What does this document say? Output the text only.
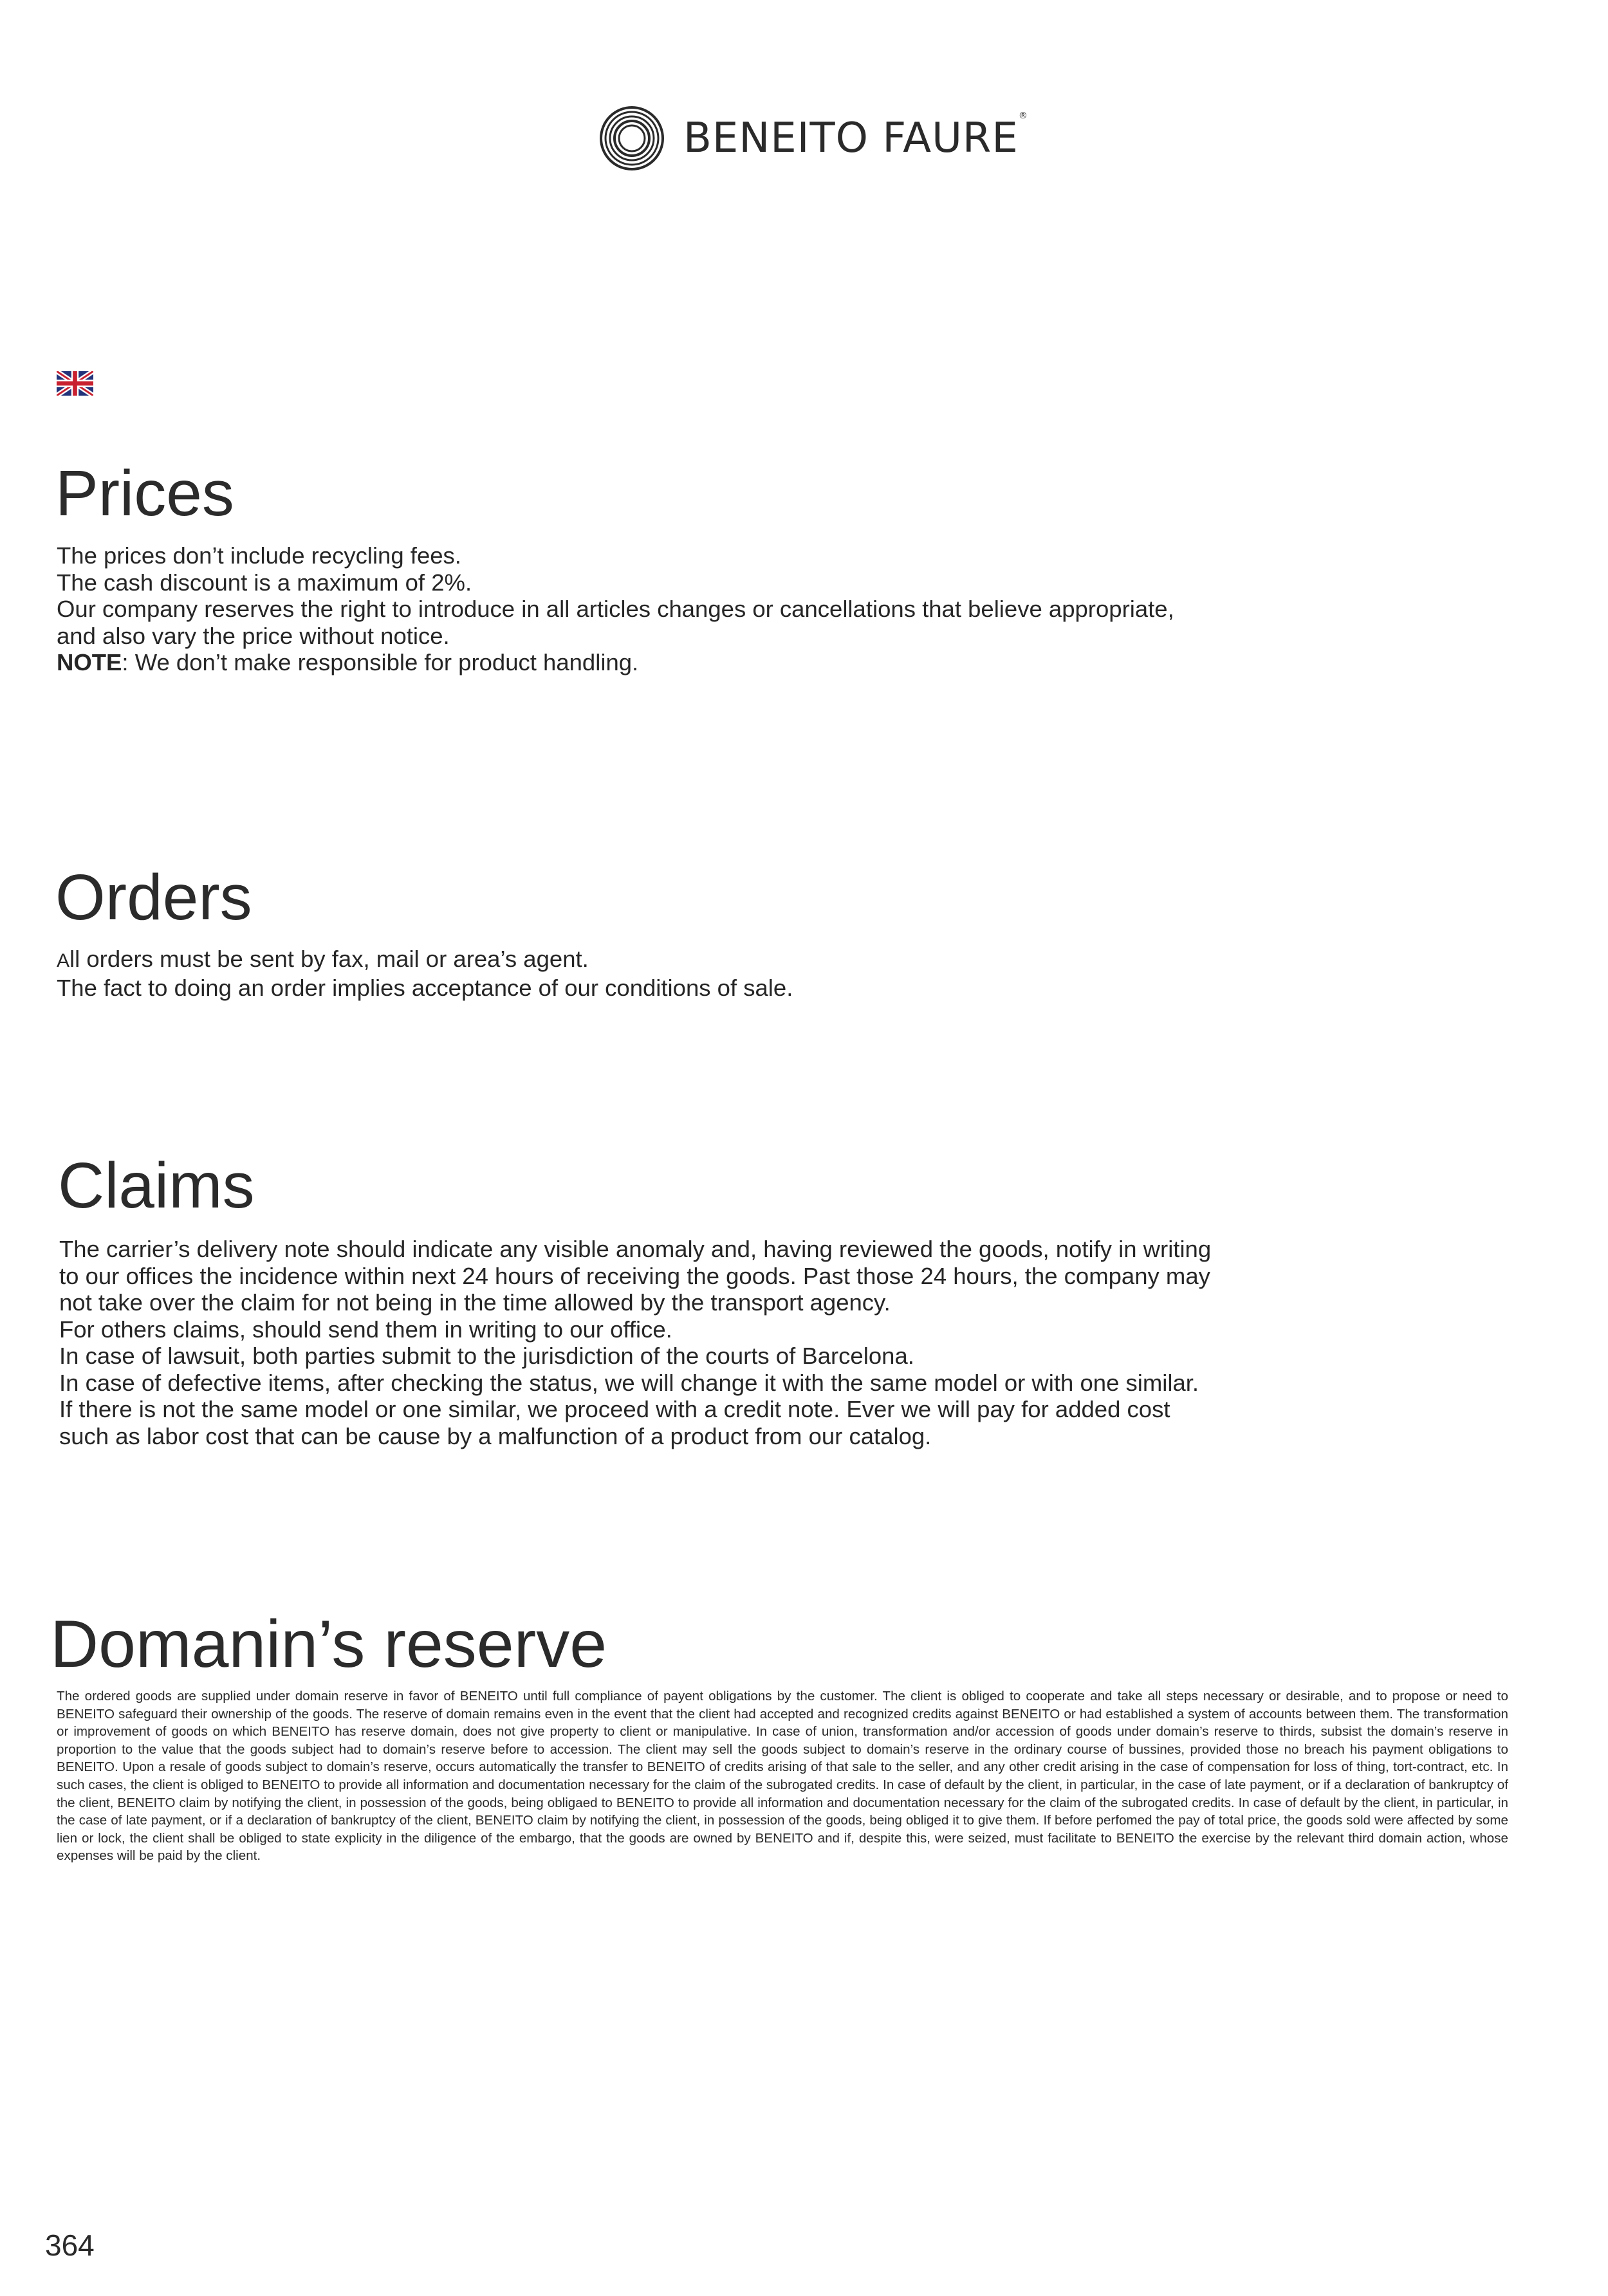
BENEITO FAURE®
Prices

The prices don’t include recycling fees.

The cash discount is a maximum of 2%.

Our company reserves the right to introduce in all articles changes or cancellations that believe appropriate,

and also vary the price without notice.

NOTE: We don’t make responsible for product handling.

Orders

All orders must be sent by fax, mail or area’s agent.

The fact to doing an order implies acceptance of our conditions of sale.

Claims

The carrier’s delivery note should indicate any visible anomaly and, having reviewed the goods, notify in writing

to our offices the incidence within next 24 hours of receiving the goods. Past those 24 hours, the company may

not take over the claim for not being in the time allowed by the transport agency.

For others claims, should send them in writing to our office.

In case of lawsuit, both parties submit to the jurisdiction of the courts of Barcelona.

In case of defective items, after checking the status, we will change it with the same model or with one similar.

If there is not the same model or one similar, we proceed with a credit note. Ever we will pay for added cost

such as labor cost that can be cause by a malfunction of a product from our catalog.

Domanin’s reserve

The ordered goods are supplied under domain reserve in favor of BENEITO until full compliance of payent obligations by the customer. The client is obliged to cooperate and take all steps necessary or desirable, and to propose or need to BENEITO safeguard their ownership of the goods. The reserve of domain remains even in the event that the client had accepted and recognized credits against BENEITO or had established a system of accounts between them. The transformation or improvement of goods on which BENEITO has reserve domain, does not give property to client or manipulative. In case of union, transformation and/or accession of goods under domain’s reserve to thirds, subsist the domain’s reserve in proportion to the value that the goods subject had to domain’s reserve before to accession. The client may sell the goods subject to domain’s reserve in the ordinary course of bussines, provided those no breach his payment obligations to BENEITO. Upon a resale of goods subject to domain’s reserve, occurs automatically the transfer to BENEITO of credits arising of that sale to the seller, and any other credit arising in the case of compensation for loss of thing, tort-contract, etc. In such cases, the client is obliged to BENEITO to provide all information and documentation necessary for the claim of the subrogated credits. In case of default by the client, in particular, in the case of late payment, or if a declaration of bankruptcy of the client, BENEITO claim by notifying the client, in possession of the goods, being obligaed to BENEITO to provide all information and documentation necessary for the claim of the subrogated credits. In case of default by the client, in particular, in the case of late payment, or if a declaration of bankruptcy of the client, BENEITO claim by notifying the client, in possession of the goods, being obliged it to give them. If before perfomed the pay of total price, the goods sold were affected by some lien or lock, the client shall be obliged to state explicity in the diligence of the embargo, that the goods are owned by BENEITO and if, despite this, were seized, must facilitate to BENEITO the exercise by the relevant third domain action, whose expenses will be paid by the client.

364
